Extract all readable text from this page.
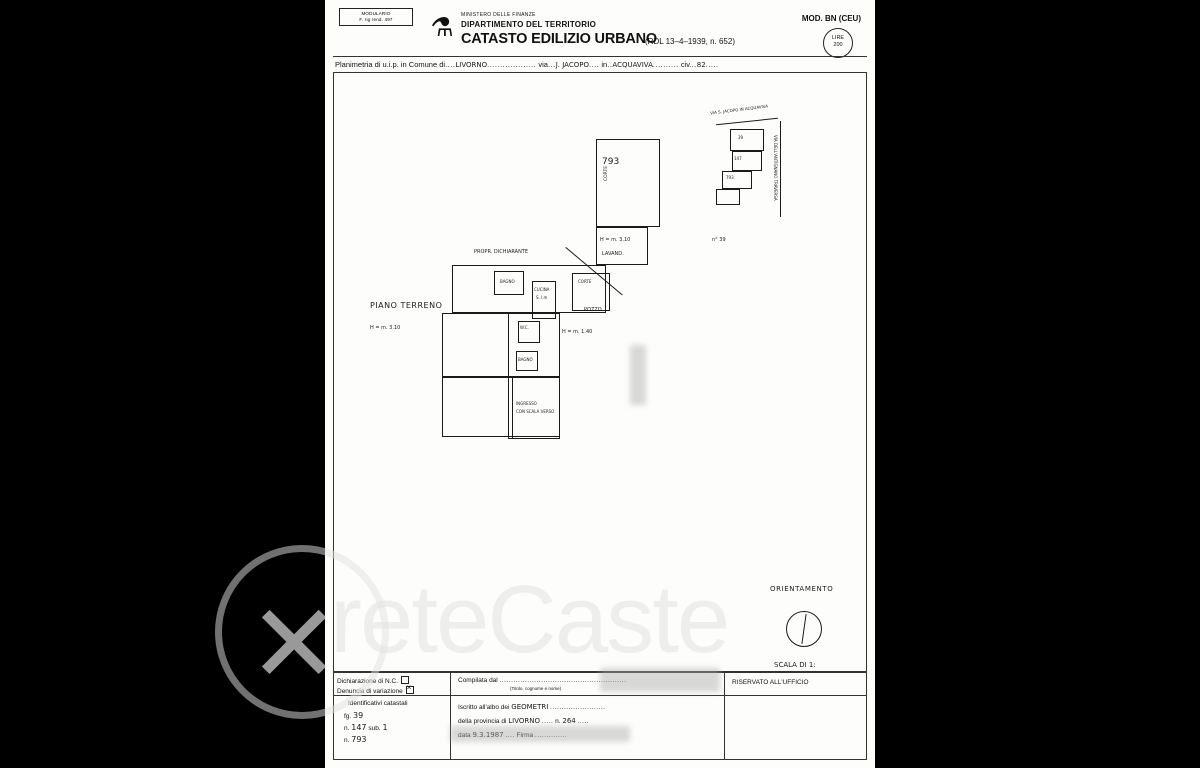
MODULARIO
F. rig rend. 497	⚗ MINISTERO DELLE FINANZE
DIPARTIMENTO DEL TERRITORIO
CATASTO EDILIZIO URBANO
(RDL 13–4–1939, n. 652)
MOD. BN (CEU)
LIRE
200
Planimetria di u.i.p. in Comune di....LIVORNO................... via...J. JACOPO.... in..ACQUAVIVA.......... civ...82.....
VIA S. JACOPO IN ACQUAVIVA
VIA DELL'ANTIGNANO TRAVERSA
39
147
793
n° 39
793
CORTE
H = m. 3.10
LAVAND.
PROPR. DICHIARANTE
CUCINA
S. I.m
CORTE
POZZO
BAGNO
W.C.
BAGNO
H = m. 1.40
INGRESSO
CON SCALA VERSO
PIANO TERRENO
H = m. 3.10
ORIENTAMENTO
SCALA DI 1:
Dichiarazione di N.C.
Denuncia di variazione×
Identificativi catastali
fg. 39
n. 147 sub. 1
n. 793
Compilata dal .......................................................
(Titolo, cognome e nome)
Iscritto all'albo dei GEOMETRI ........................
della provincia di LIVORNO ..... n. 264 .....
data 9.3.1987 .... Firma ..............
RISERVATO ALL'UFFICIO
✕
reteCaste
